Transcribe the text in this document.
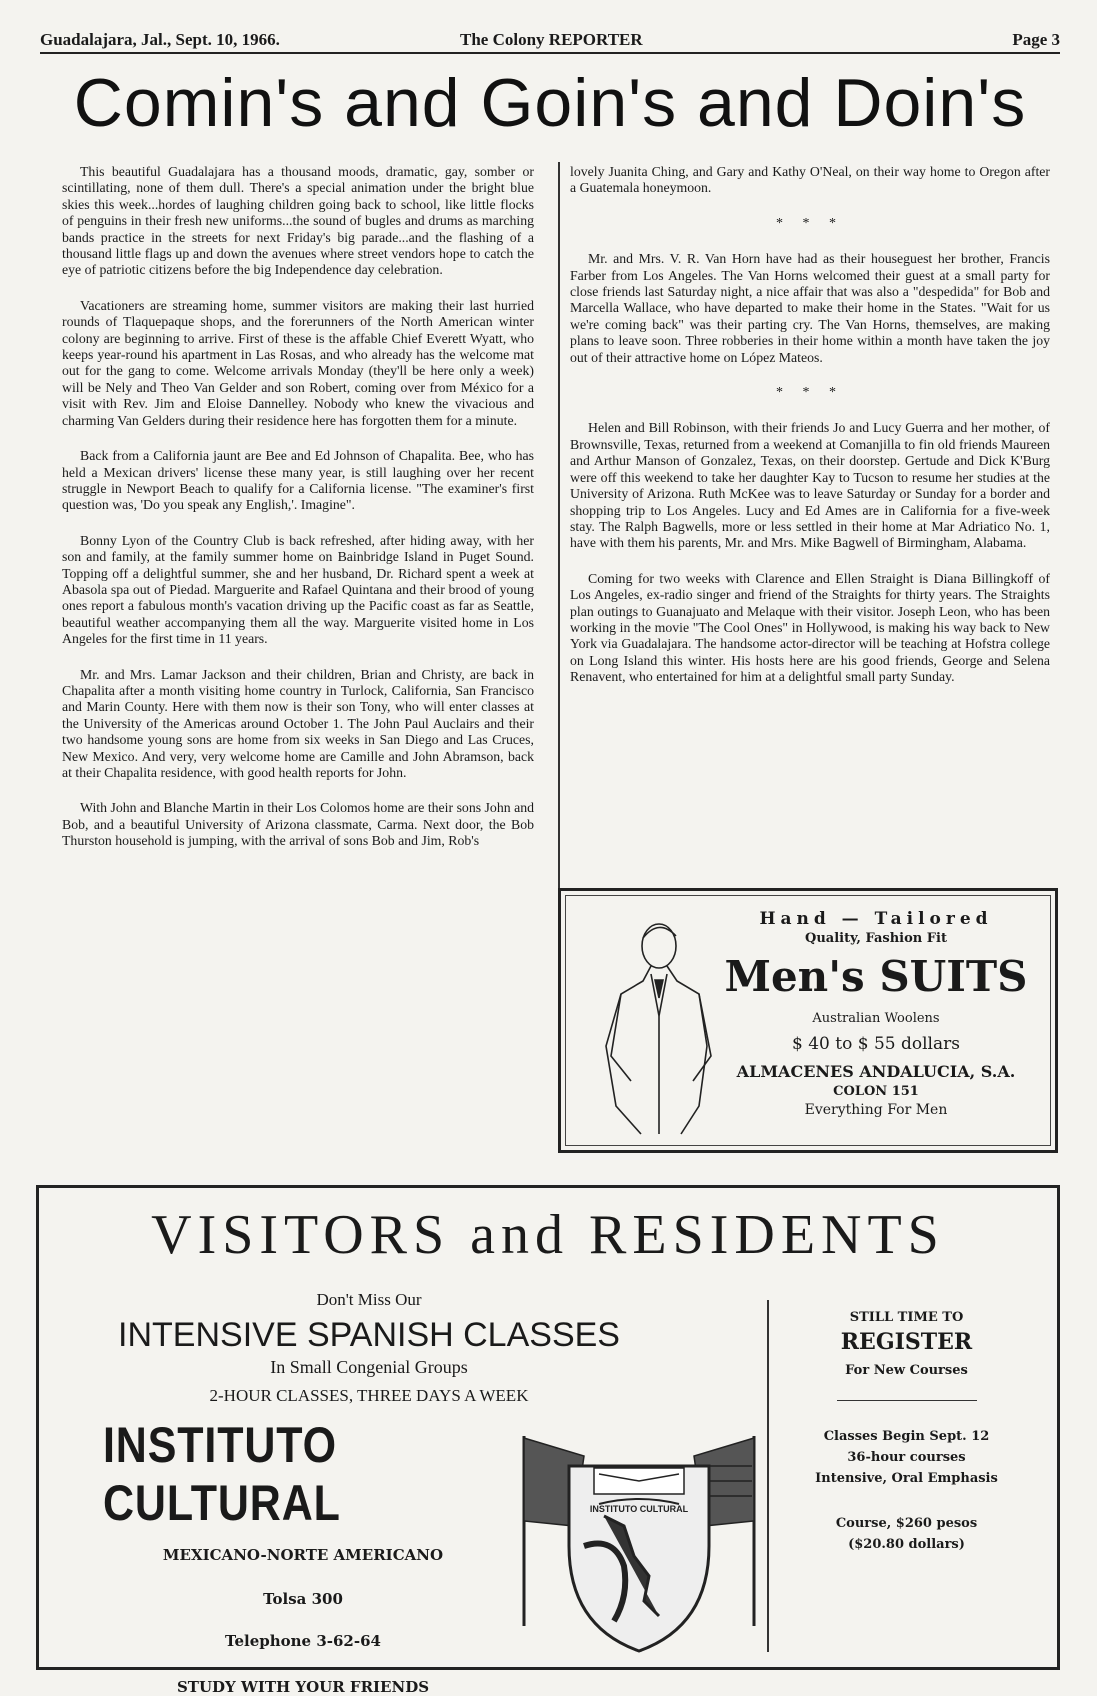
Guadalajara, Jal., Sept. 10, 1966.	The Colony REPORTER	Page 3
Comin's and Goin's and Doin's

This beautiful Guadalajara has a thousand moods, dramatic, gay, somber or scintillating, none of them dull. There's a special animation under the bright blue skies this week...hordes of laughing children going back to school, like little flocks of penguins in their fresh new uniforms...the sound of bugles and drums as marching bands practice in the streets for next Friday's big parade...and the flashing of a thousand little flags up and down the avenues where street vendors hope to catch the eye of patriotic citizens before the big Independence day celebration.

Vacationers are streaming home, summer visitors are making their last hurried rounds of Tlaquepaque shops, and the forerunners of the North American winter colony are beginning to arrive. First of these is the affable Chief Everett Wyatt, who keeps year-round his apartment in Las Rosas, and who already has the welcome mat out for the gang to come. Welcome arrivals Monday (they'll be here only a week) will be Nely and Theo Van Gelder and son Robert, coming over from México for a visit with Rev. Jim and Eloise Dannelley. Nobody who knew the vivacious and charming Van Gelders during their residence here has forgotten them for a minute.

Back from a California jaunt are Bee and Ed Johnson of Chapalita. Bee, who has held a Mexican drivers' license these many year, is still laughing over her recent struggle in Newport Beach to qualify for a California license. "The examiner's first question was, 'Do you speak any English,'. Imagine".

Bonny Lyon of the Country Club is back refreshed, after hiding away, with her son and family, at the family summer home on Bainbridge Island in Puget Sound. Topping off a delightful summer, she and her husband, Dr. Richard spent a week at Abasola spa out of Piedad. Marguerite and Rafael Quintana and their brood of young ones report a fabulous month's vacation driving up the Pacific coast as far as Seattle, beautiful weather accompanying them all the way. Marguerite visited home in Los Angeles for the first time in 11 years.

Mr. and Mrs. Lamar Jackson and their children, Brian and Christy, are back in Chapalita after a month visiting home country in Turlock, California, San Francisco and Marin County. Here with them now is their son Tony, who will enter classes at the University of the Americas around October 1. The John Paul Auclairs and their two handsome young sons are home from six weeks in San Diego and Las Cruces, New Mexico. And very, very welcome home are Camille and John Abramson, back at their Chapalita residence, with good health reports for John.

With John and Blanche Martin in their Los Colomos home are their sons John and Bob, and a beautiful University of Arizona classmate, Carma. Next door, the Bob Thurston household is jumping, with the arrival of sons Bob and Jim, Rob's

lovely Juanita Ching, and Gary and Kathy O'Neal, on their way home to Oregon after a Guatemala honeymoon.

* * *

Mr. and Mrs. V. R. Van Horn have had as their houseguest her brother, Francis Farber from Los Angeles. The Van Horns welcomed their guest at a small party for close friends last Saturday night, a nice affair that was also a "despedida" for Bob and Marcella Wallace, who have departed to make their home in the States. "Wait for us we're coming back" was their parting cry. The Van Horns, themselves, are making plans to leave soon. Three robberies in their home within a month have taken the joy out of their attractive home on López Mateos.

* * *

Helen and Bill Robinson, with their friends Jo and Lucy Guerra and her mother, of Brownsville, Texas, returned from a weekend at Comanjilla to fin old friends Maureen and Arthur Manson of Gonzalez, Texas, on their doorstep. Gertude and Dick K'Burg were off this weekend to take her daughter Kay to Tucson to resume her studies at the University of Arizona. Ruth McKee was to leave Saturday or Sunday for a border and shopping trip to Los Angeles. Lucy and Ed Ames are in California for a five-week stay. The Ralph Bagwells, more or less settled in their home at Mar Adriatico No. 1, have with them his parents, Mr. and Mrs. Mike Bagwell of Birmingham, Alabama.

Coming for two weeks with Clarence and Ellen Straight is Diana Billingkoff of Los Angeles, ex-radio singer and friend of the Straights for thirty years. The Straights plan outings to Guanajuato and Melaque with their visitor. Joseph Leon, who has been working in the movie "The Cool Ones" in Hollywood, is making his way back to New York via Guadalajara. The handsome actor-director will be teaching at Hofstra college on Long Island this winter. His hosts here are his good friends, George and Selena Renavent, who entertained for him at a delightful small party Sunday.

Hand — Tailored
Quality, Fashion Fit
Men's SUITS
Australian Woolens
$ 40 to $ 55 dollars
ALMACENES ANDALUCIA, S.A.
COLON 151
Everything For Men
VISITORS and RESIDENTS
Don't Miss Our
INTENSIVE SPANISH CLASSES
In Small Congenial Groups
2-HOUR CLASSES, THREE DAYS A WEEK
INSTITUTO CULTURAL
MEXICANO-NORTE AMERICANO
Tolsa 300
Telephone 3-62-64
STUDY WITH YOUR FRIENDS
INSTITUTO CULTURAL
STILL TIME TO
REGISTER
For New Courses
Classes Begin Sept. 12
36-hour courses
Intensive, Oral Emphasis
Course, $260 pesos
($20.80 dollars)
